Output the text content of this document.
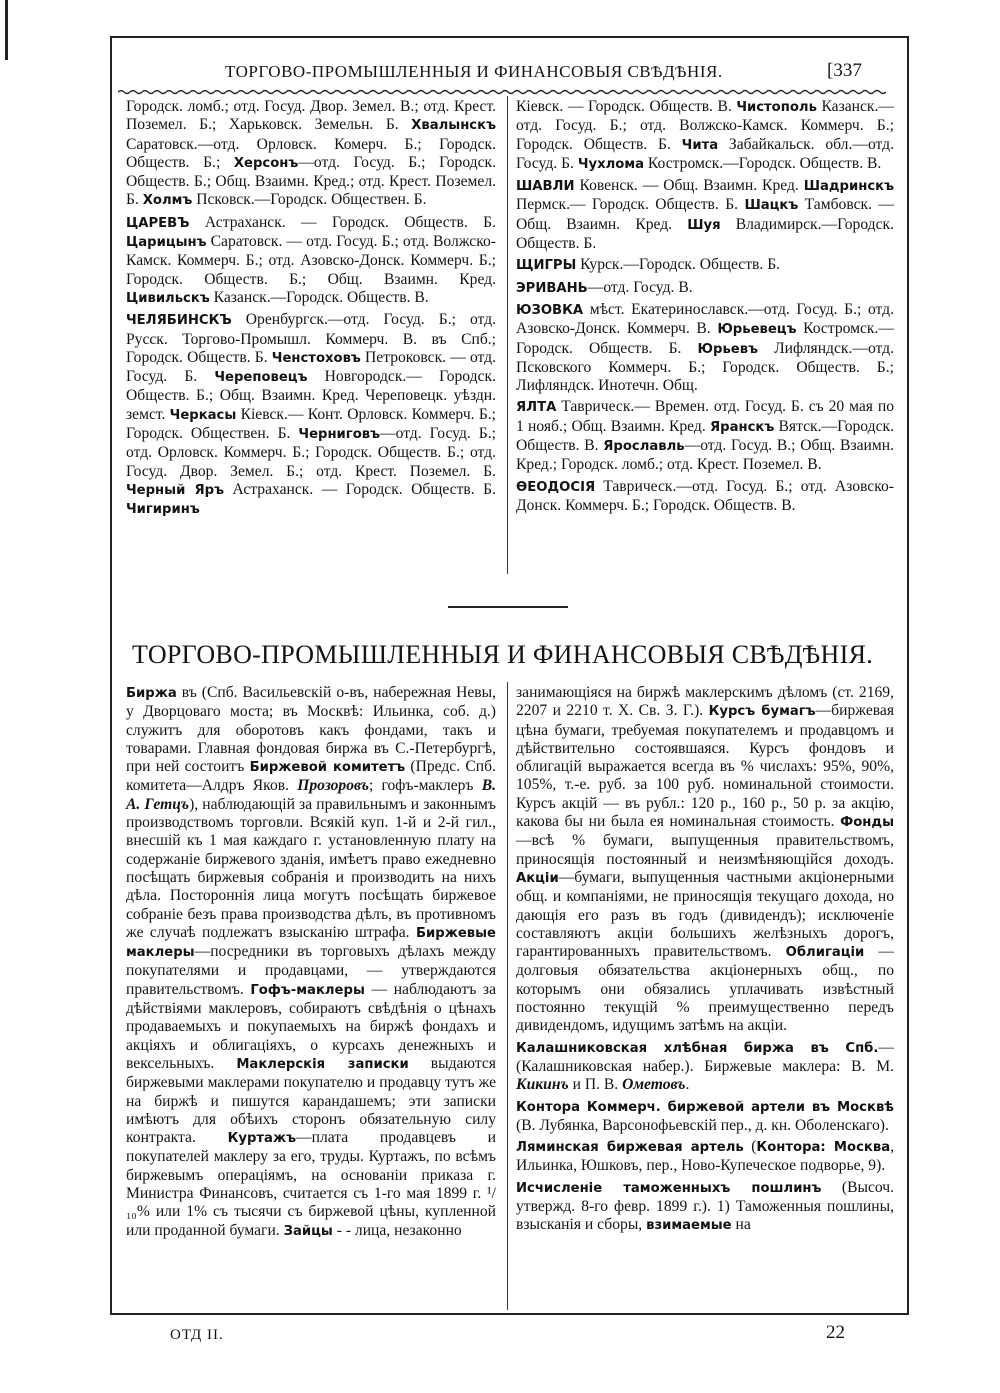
ТОРГОВО-ПРОМЫШЛЕННЫЯ И ФИНАНСОВЫЯ СВѢДѢНІЯ.	[337

Городск. ломб.; отд. Госуд. Двор. Земел. В.; отд. Крест. Поземел. Б.; Харьковск. Земельн. Б. Хвалынскъ Саратовск.—отд. Орловск. Комерч. Б.; Городск. Обществ. Б.; Херсонъ—отд. Госуд. Б.; Городск. Обществ. Б.; Общ. Взаимн. Кред.; отд. Крест. Поземел. Б. Холмъ Псковск.—Городск. Обществен. Б.

ЦАРЕВЪ Астраханск. — Городск. Обществ. Б. Царицынъ Саратовск. — отд. Госуд. Б.; отд. Волжско-Камск. Коммерч. Б.; отд. Азовско-Донск. Коммерч. Б.; Городск. Обществ. Б.; Общ. Взаимн. Кред. Цивильскъ Казанск.—Городск. Обществ. В.

ЧЕЛЯБИНСКЪ Оренбургск.—отд. Госуд. Б.; отд. Русск. Торгово-Промышл. Коммерч. В. въ Спб.; Городск. Обществ. Б. Ченстоховъ Петроковск. — отд. Госуд. Б. Череповецъ Новгородск.— Городск. Обществ. Б.; Общ. Взаимн. Кред. Череповецк. уѣздн. земст. Черкасы Кіевск.— Конт. Орловск. Коммерч. Б.; Городск. Обществен. Б. Черниговъ—отд. Госуд. Б.; отд. Орловск. Коммерч. Б.; Городск. Обществ. Б.; отд. Госуд. Двор. Земел. Б.; отд. Крест. Поземел. Б. Черный Яръ Астраханск. — Городск. Обществ. Б. Чигиринъ

Кіевск. — Городск. Обществ. В. Чистополь Казанск.— отд. Госуд. Б.; отд. Волжско-Камск. Коммерч. Б.; Городск. Обществ. Б. Чита Забайкальск. обл.—отд. Госуд. Б. Чухлома Костромск.—Городск. Обществ. В.

ШАВЛИ Ковенск. — Общ. Взаимн. Кред. Шадринскъ Пермск.— Городск. Обществ. Б. Шацкъ Тамбовск. — Общ. Взаимн. Кред. Шуя Владимирск.—Городск. Обществ. Б.

ЩИГРЫ Курск.—Городск. Обществ. Б.

ЭРИВАНЬ—отд. Госуд. В.

ЮЗОВКА мѣст. Екатеринославск.—отд. Госуд. Б.; отд. Азовско-Донск. Коммерч. В. Юрьевецъ Костромск.—Городск. Обществ. Б. Юрьевъ Лифляндск.—отд. Псковского Коммерч. Б.; Городск. Обществ. Б.; Лифляндск. Инотечн. Общ.

ЯЛТА Таврическ.— Времен. отд. Госуд. Б. съ 20 мая по 1 нояб.; Общ. Взаимн. Кред. Яранскъ Вятск.—Городск. Обществ. В. Ярославль—отд. Госуд. В.; Общ. Взаимн. Кред.; Городск. ломб.; отд. Крест. Поземел. В.

ѲЕОДОСІЯ Таврическ.—отд. Госуд. Б.; отд. Азовско-Донск. Коммерч. Б.; Городск. Обществ. В.

ТОРГОВО-ПРОМЫШЛЕННЫЯ И ФИНАНСОВЫЯ СВѢДѢНІЯ.

Биржа въ (Спб. Васильевскій о-въ, набережная Невы, у Дворцоваго моста; въ Москвѣ: Ильинка, соб. д.) служитъ для оборотовъ какъ фондами, такъ и товарами. Главная фондовая биржа въ С.-Петербургѣ, при ней состоитъ Биржевой комитетъ (Предс. Спб. комитета—Алдръ Яков. Прозоровъ; гофъ-маклеръ В. А. Гетцъ), наблюдающій за правильнымъ и законнымъ производствомъ торговли. Всякій куп. 1-й и 2-й гил., внесшій къ 1 мая каждаго г. установленную плату на содержаніе биржевого зданія, имѣетъ право ежедневно посѣщать биржевыя собранія и производить на нихъ дѣла. Постороннія лица могутъ посѣщать биржевое собраніе безъ права производства дѣлъ, въ противномъ же случаѣ подлежатъ взысканію штрафа. Биржевые маклеры—посредники въ торговыхъ дѣлахъ между покупателями и продавцами, — утверждаются правительствомъ. Гофъ-маклеры — наблюдаютъ за дѣйствіями маклеровъ, собираютъ свѣдѣнія о цѣнахъ продаваемыхъ и покупаемыхъ на биржѣ фондахъ и акціяхъ и облигаціяхъ, о курсахъ денежныхъ и вексельныхъ. Маклерскія записки выдаются биржевыми маклерами покупателю и продавцу тутъ же на биржѣ и пишутся карандашемъ; эти записки имѣютъ для обѣихъ сторонъ обязательную силу контракта. Куртажъ—плата продавцевъ и покупателей маклеру за его, труды. Куртажъ, по всѣмъ биржевымъ операціямъ, на основаніи приказа г. Министра Финансовъ, считается съ 1-го мая 1899 г. ¹/₁₀% или 1% съ тысячи съ биржевой цѣны, купленной или проданной бумаги. Зайцы - - лица, незаконно

занимающіяся на биржѣ маклерскимъ дѣломъ (ст. 2169, 2207 и 2210 т. Х. Св. З. Г.). Курсъ бумагъ—биржевая цѣна бумаги, требуемая покупателемъ и продавцомъ и дѣйствительно состоявшаяся. Курсъ фондовъ и облигацій выражается всегда въ % числахъ: 95%, 90%, 105%, т.-е. руб. за 100 руб. номинальной стоимости. Курсъ акцій — въ рубл.: 120 р., 160 р., 50 р. за акцію, какова бы ни была ея номинальная стоимость. Фонды—всѣ % бумаги, выпущенныя правительствомъ, приносящія постоянный и неизмѣняющійся доходъ. Акціи—бумаги, выпущенныя частными акціонерными общ. и компаніями, не приносящія текущаго дохода, но дающія его разъ въ годъ (дивидендъ); исключеніе составляютъ акціи большихъ желѣзныхъ дорогъ, гарантированныхъ правительствомъ. Облигаціи — долговыя обязательства акціонерныхъ общ., по которымъ они обязались уплачивать извѣстный постоянно текущій % преимущественно передъ дивидендомъ, идущимъ затѣмъ на акціи.

Калашниковская хлѣбная биржа въ Спб.— (Калашниковская набер.). Биржевые маклера: В. М. Кикинъ и П. В. Ометовъ.

Контора Коммерч. биржевой артели въ Москвѣ (В. Лубянка, Варсонофьевскій пер., д. кн. Оболенскаго).

Ляминская биржевая артель (Контора: Москва, Ильинка, Юшковъ, пер., Ново-Купеческое подворье, 9).

Исчисленіе таможенныхъ пошлинъ (Высоч. утвержд. 8-го февр. 1899 г.). 1) Таможенныя пошлины, взысканія и сборы, взимаемые на

ОТД II.	22
